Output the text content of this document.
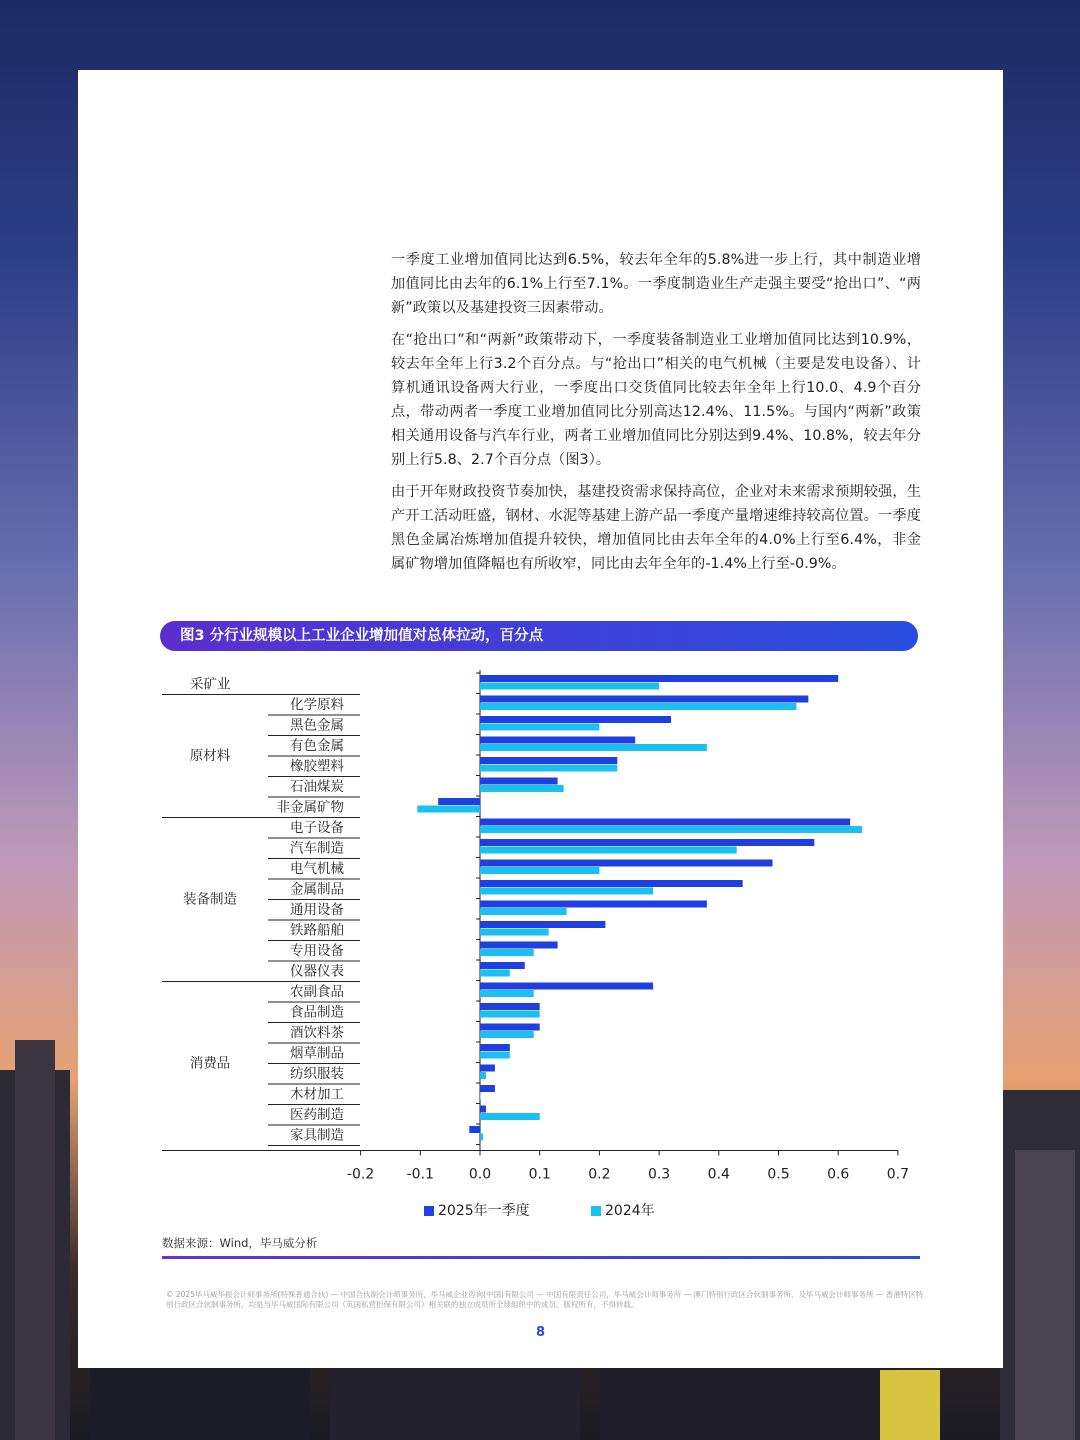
一季度工业增加值同比达到6.5%，较去年全年的5.8%进一步上行，其中制造业增加值同比由去年的6.1%上行至7.1%。一季度制造业生产走强主要受“抢出口”、“两新”政策以及基建投资三因素带动。

在“抢出口”和“两新”政策带动下，一季度装备制造业工业增加值同比达到10.9%，较去年全年上行3.2个百分点。与“抢出口”相关的电气机械（主要是发电设备）、计算机通讯设备两大行业，一季度出口交货值同比较去年全年上行10.0、4.9个百分点，带动两者一季度工业增加值同比分别高达12.4%、11.5%。与国内“两新”政策相关通用设备与汽车行业，两者工业增加值同比分别达到9.4%、10.8%，较去年分别上行5.8、2.7个百分点（图3）。

由于开年财政投资节奏加快，基建投资需求保持高位，企业对未来需求预期较强，生产开工活动旺盛，钢材、水泥等基建上游产品一季度产量增速维持较高位置。一季度黑色金属冶炼增加值提升较快，增加值同比由去年全年的4.0%上行至6.4%，非金属矿物增加值降幅也有所收窄，同比由去年全年的-1.4%上行至-0.9%。

图3 分行业规模以上工业企业增加值对总体拉动，百分点
采矿业
化学原料
黑色金属
有色金属
橡胶塑料
石油煤炭
非金属矿物
电子设备
汽车制造
电气机械
金属制品
通用设备
铁路船舶
专用设备
仪器仪表
农副食品
食品制造
酒饮料茶
烟草制品
纺织服装
木材加工
医药制造
家具制造
原材料
装备制造
消费品
-0.2 -0.1 0.0	0.1	0.2	0.3	0.4	0.5	0.6	0.7
2025年一季度	2024年
数据来源：Wind，毕马威分析
© 2025毕马威华振会计师事务所(特殊普通合伙) — 中国合伙制会计师事务所，毕马威企业咨询(中国)有限公司 — 中国有限责任公司，毕马威会计师事务所 — 澳门特别行政区合伙制事务所，及毕马威会计师事务所 — 香港特区特别行政区合伙制事务所，均是与毕马威国际有限公司（英国私营担保有限公司）相关联的独立成员所全球组织中的成员。版权所有，不得转载。
8
